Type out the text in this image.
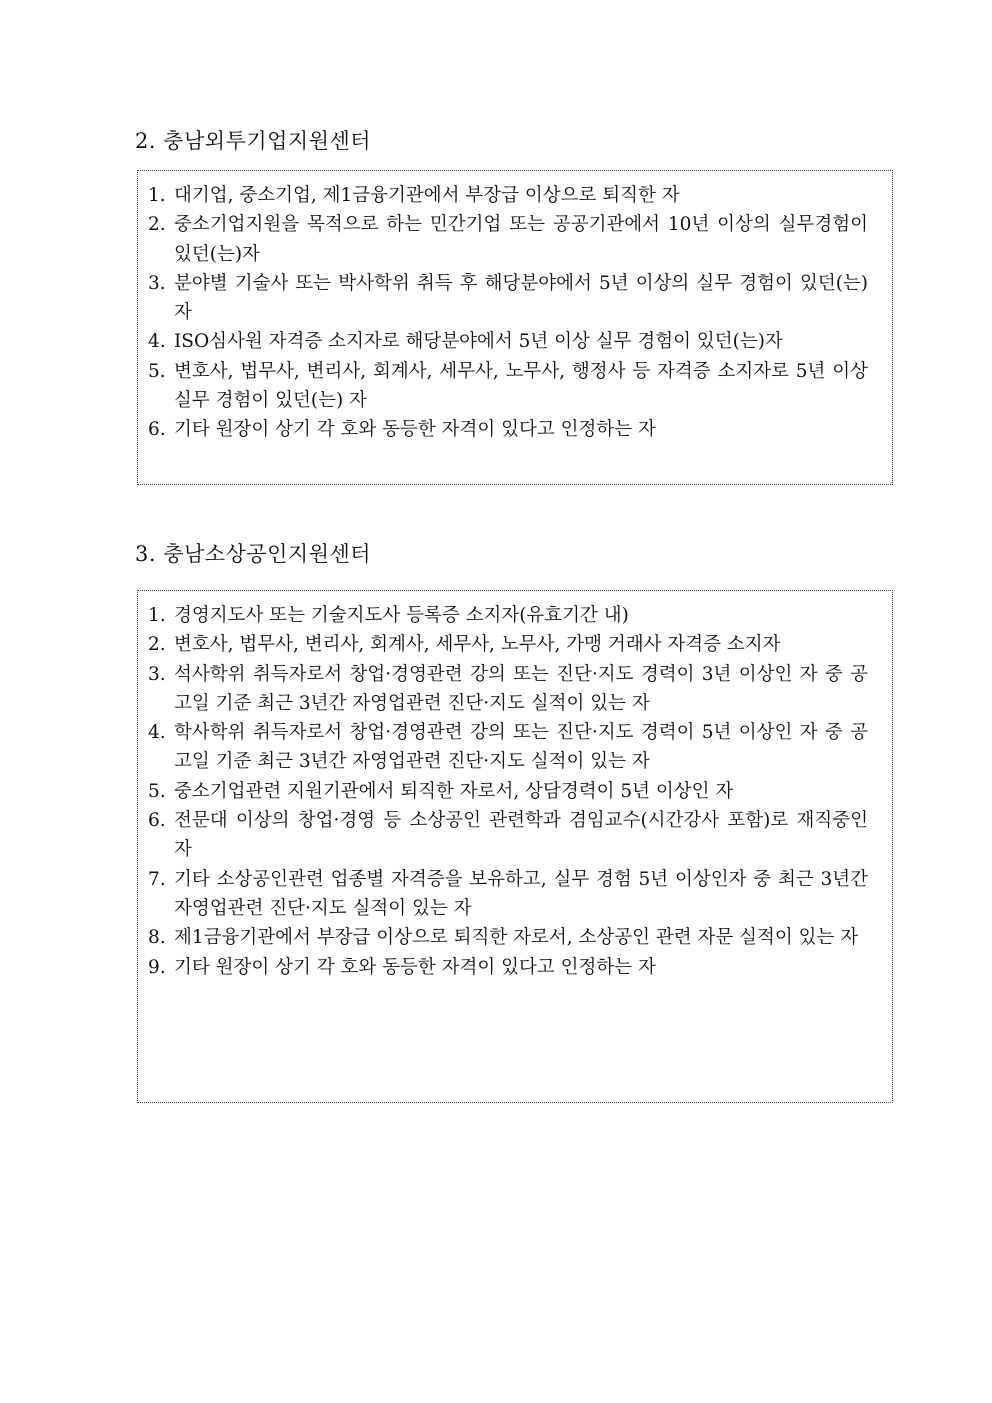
2. 충남외투기업지원센터
1. 대기업, 중소기업, 제1금융기관에서 부장급 이상으로 퇴직한 자
2. 중소기업지원을 목적으로 하는 민간기업 또는 공공기관에서 10년 이상의 실무경험이 있던(는)자
3. 분야별 기술사 또는 박사학위 취득 후 해당분야에서 5년 이상의 실무 경험이 있던(는)자
4. ISO심사원 자격증 소지자로 해당분야에서 5년 이상 실무 경험이 있던(는)자
5. 변호사, 법무사, 변리사, 회계사, 세무사, 노무사, 행정사 등 자격증 소지자로 5년 이상 실무 경험이 있던(는) 자
6. 기타 원장이 상기 각 호와 동등한 자격이 있다고 인정하는 자
3. 충남소상공인지원센터
1. 경영지도사 또는 기술지도사 등록증 소지자(유효기간 내)
2. 변호사, 법무사, 변리사, 회계사, 세무사, 노무사, 가맹 거래사 자격증 소지자
3. 석사학위 취득자로서 창업·경영관련 강의 또는 진단·지도 경력이 3년 이상인 자 중 공고일 기준 최근 3년간 자영업관련 진단·지도 실적이 있는 자
4. 학사학위 취득자로서 창업·경영관련 강의 또는 진단·지도 경력이 5년 이상인 자 중 공고일 기준 최근 3년간 자영업관련 진단·지도 실적이 있는 자
5. 중소기업관련 지원기관에서 퇴직한 자로서, 상담경력이 5년 이상인 자
6. 전문대 이상의 창업·경영 등 소상공인 관련학과 겸임교수(시간강사 포함)로 재직중인 자
7. 기타 소상공인관련 업종별 자격증을 보유하고, 실무 경험 5년 이상인자 중 최근 3년간 자영업관련 진단·지도 실적이 있는 자
8. 제1금융기관에서 부장급 이상으로 퇴직한 자로서, 소상공인 관련 자문 실적이 있는 자
9. 기타 원장이 상기 각 호와 동등한 자격이 있다고 인정하는 자
